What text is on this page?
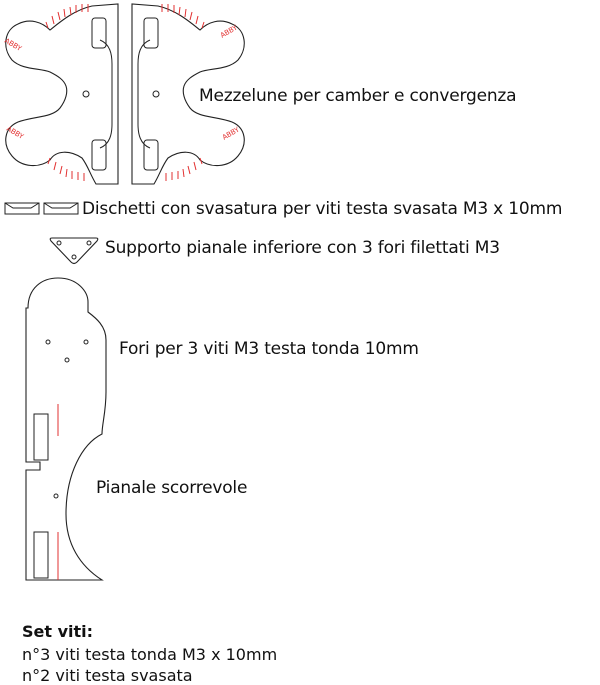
ABBY
ABBY
ABBY
ABBY
Mezzelune per camber e convergenza
Dischetti con svasatura per viti testa svasata M3 x 10mm
Supporto pianale inferiore con 3 fori filettati M3
Fori per 3 viti M3 testa tonda 10mm
Pianale scorrevole
Set viti:
n°3 viti testa tonda M3 x 10mm
n°2 viti testa svasata
